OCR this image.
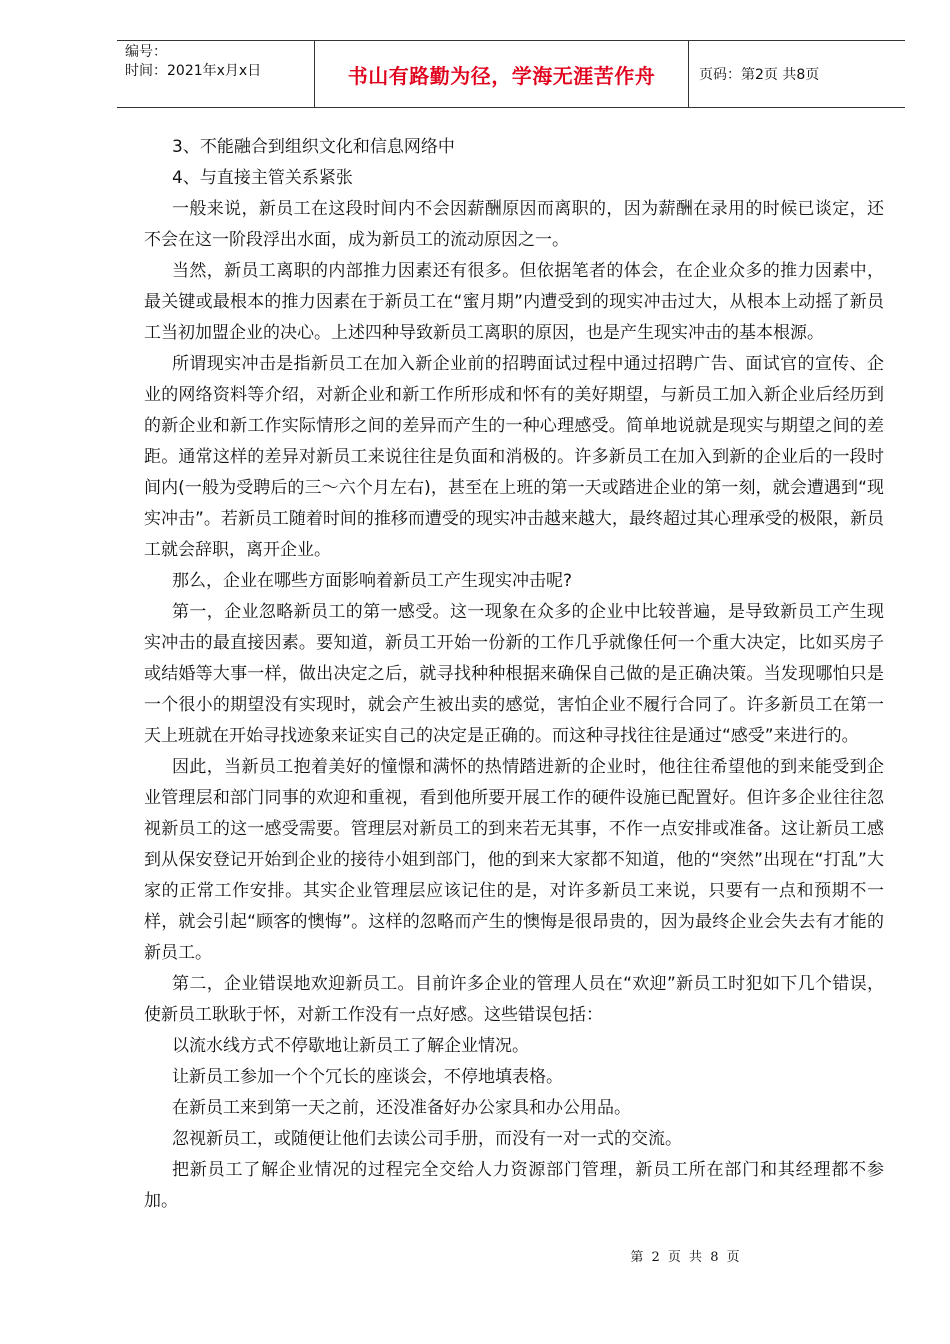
编号：
时间：2021年x月x日	书山有路勤为径，学海无涯苦作舟	页码：第2页 共8页

3、不能融合到组织文化和信息网络中

4、与直接主管关系紧张

一般来说，新员工在这段时间内不会因薪酬原因而离职的，因为薪酬在录用的时候已谈定，还不会在这一阶段浮出水面，成为新员工的流动原因之一。

当然，新员工离职的内部推力因素还有很多。但依据笔者的体会，在企业众多的推力因素中，最关键或最根本的推力因素在于新员工在“蜜月期”内遭受到的现实冲击过大，从根本上动摇了新员工当初加盟企业的决心。上述四种导致新员工离职的原因，也是产生现实冲击的基本根源。

所谓现实冲击是指新员工在加入新企业前的招聘面试过程中通过招聘广告、面试官的宣传、企业的网络资料等介绍，对新企业和新工作所形成和怀有的美好期望，与新员工加入新企业后经历到的新企业和新工作实际情形之间的差异而产生的一种心理感受。简单地说就是现实与期望之间的差距。通常这样的差异对新员工来说往往是负面和消极的。许多新员工在加入到新的企业后的一段时间内(一般为受聘后的三～六个月左右)，甚至在上班的第一天或踏进企业的第一刻，就会遭遇到“现实冲击”。若新员工随着时间的推移而遭受的现实冲击越来越大，最终超过其心理承受的极限，新员工就会辞职，离开企业。

那么，企业在哪些方面影响着新员工产生现实冲击呢?

第一，企业忽略新员工的第一感受。这一现象在众多的企业中比较普遍，是导致新员工产生现实冲击的最直接因素。要知道，新员工开始一份新的工作几乎就像任何一个重大决定，比如买房子或结婚等大事一样，做出决定之后，就寻找种种根据来确保自己做的是正确决策。当发现哪怕只是一个很小的期望没有实现时，就会产生被出卖的感觉，害怕企业不履行合同了。许多新员工在第一天上班就在开始寻找迹象来证实自己的决定是正确的。而这种寻找往往是通过“感受”来进行的。

因此，当新员工抱着美好的憧憬和满怀的热情踏进新的企业时，他往往希望他的到来能受到企业管理层和部门同事的欢迎和重视，看到他所要开展工作的硬件设施已配置好。但许多企业往往忽视新员工的这一感受需要。管理层对新员工的到来若无其事，不作一点安排或准备。这让新员工感到从保安登记开始到企业的接待小姐到部门，他的到来大家都不知道，他的“突然”出现在“打乱”大家的正常工作安排。其实企业管理层应该记住的是，对许多新员工来说，只要有一点和预期不一样，就会引起“顾客的懊悔”。这样的忽略而产生的懊悔是很昂贵的，因为最终企业会失去有才能的新员工。

第二，企业错误地欢迎新员工。目前许多企业的管理人员在“欢迎”新员工时犯如下几个错误，使新员工耿耿于怀，对新工作没有一点好感。这些错误包括：

以流水线方式不停歇地让新员工了解企业情况。

让新员工参加一个个冗长的座谈会，不停地填表格。

在新员工来到第一天之前，还没准备好办公家具和办公用品。

忽视新员工，或随便让他们去读公司手册，而没有一对一式的交流。

把新员工了解企业情况的过程完全交给人力资源部门管理，新员工所在部门和其经理都不参加。

第 2 页 共 8 页
